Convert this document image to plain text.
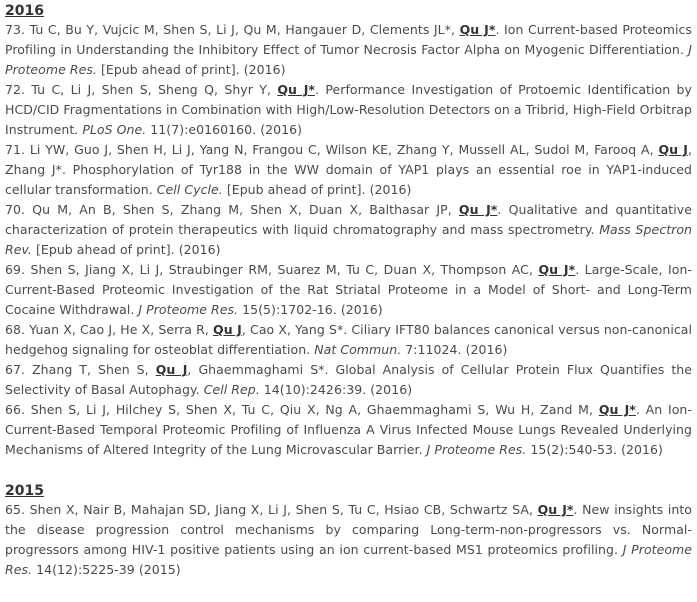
2016

73. Tu C, Bu Y, Vujcic M, Shen S, Li J, Qu M, Hangauer D, Clements JL*, Qu J*. Ion Current-based Proteomics Profiling in Understanding the Inhibitory Effect of Tumor Necrosis Factor Alpha on Myogenic Differentiation. J Proteome Res. [Epub ahead of print]. (2016)

72. Tu C, Li J, Shen S, Sheng Q, Shyr Y, Qu J*. Performance Investigation of Protoemic Identification by HCD/CID Fragmentations in Combination with High/Low-Resolution Detectors on a Tribrid, High-Field Orbitrap Instrument. PLoS One. 11(7):e0160160. (2016)

71. Li YW, Guo J, Shen H, Li J, Yang N, Frangou C, Wilson KE, Zhang Y, Mussell AL, Sudol M, Farooq A, Qu J, Zhang J*. Phosphorylation of Tyr188 in the WW domain of YAP1 plays an essential roe in YAP1-induced cellular transformation. Cell Cycle. [Epub ahead of print]. (2016)

70. Qu M, An B, Shen S, Zhang M, Shen X, Duan X, Balthasar JP, Qu J*. Qualitative and quantitative characterization of protein therapeutics with liquid chromatography and mass spectrometry. Mass Spectron Rev. [Epub ahead of print]. (2016)

69. Shen S, Jiang X, Li J, Straubinger RM, Suarez M, Tu C, Duan X, Thompson AC, Qu J*. Large-Scale, Ion-Current-Based Proteomic Investigation of the Rat Striatal Proteome in a Model of Short- and Long-Term Cocaine Withdrawal. J Proteome Res. 15(5):1702-16. (2016)

68. Yuan X, Cao J, He X, Serra R, Qu J, Cao X, Yang S*. Ciliary IFT80 balances canonical versus non-canonical hedgehog signaling for osteoblat differentiation. Nat Commun. 7:11024. (2016)

67. Zhang T, Shen S, Qu J, Ghaemmaghami S*. Global Analysis of Cellular Protein Flux Quantifies the Selectivity of Basal Autophagy. Cell Rep. 14(10):2426:39. (2016)

66. Shen S, Li J, Hilchey S, Shen X, Tu C, Qiu X, Ng A, Ghaemmaghami S, Wu H, Zand M, Qu J*. An Ion-Current-Based Temporal Proteomic Profiling of Influenza A Virus Infected Mouse Lungs Revealed Underlying Mechanisms of Altered Integrity of the Lung Microvascular Barrier. J Proteome Res. 15(2):540-53. (2016)

2015

65. Shen X, Nair B, Mahajan SD, Jiang X, Li J, Shen S, Tu C, Hsiao CB, Schwartz SA, Qu J*. New insights into the disease progression control mechanisms by comparing Long-term-non-progressors vs. Normal-progressors among HIV-1 positive patients using an ion current-based MS1 proteomics profiling. J Proteome Res. 14(12):5225-39 (2015)
